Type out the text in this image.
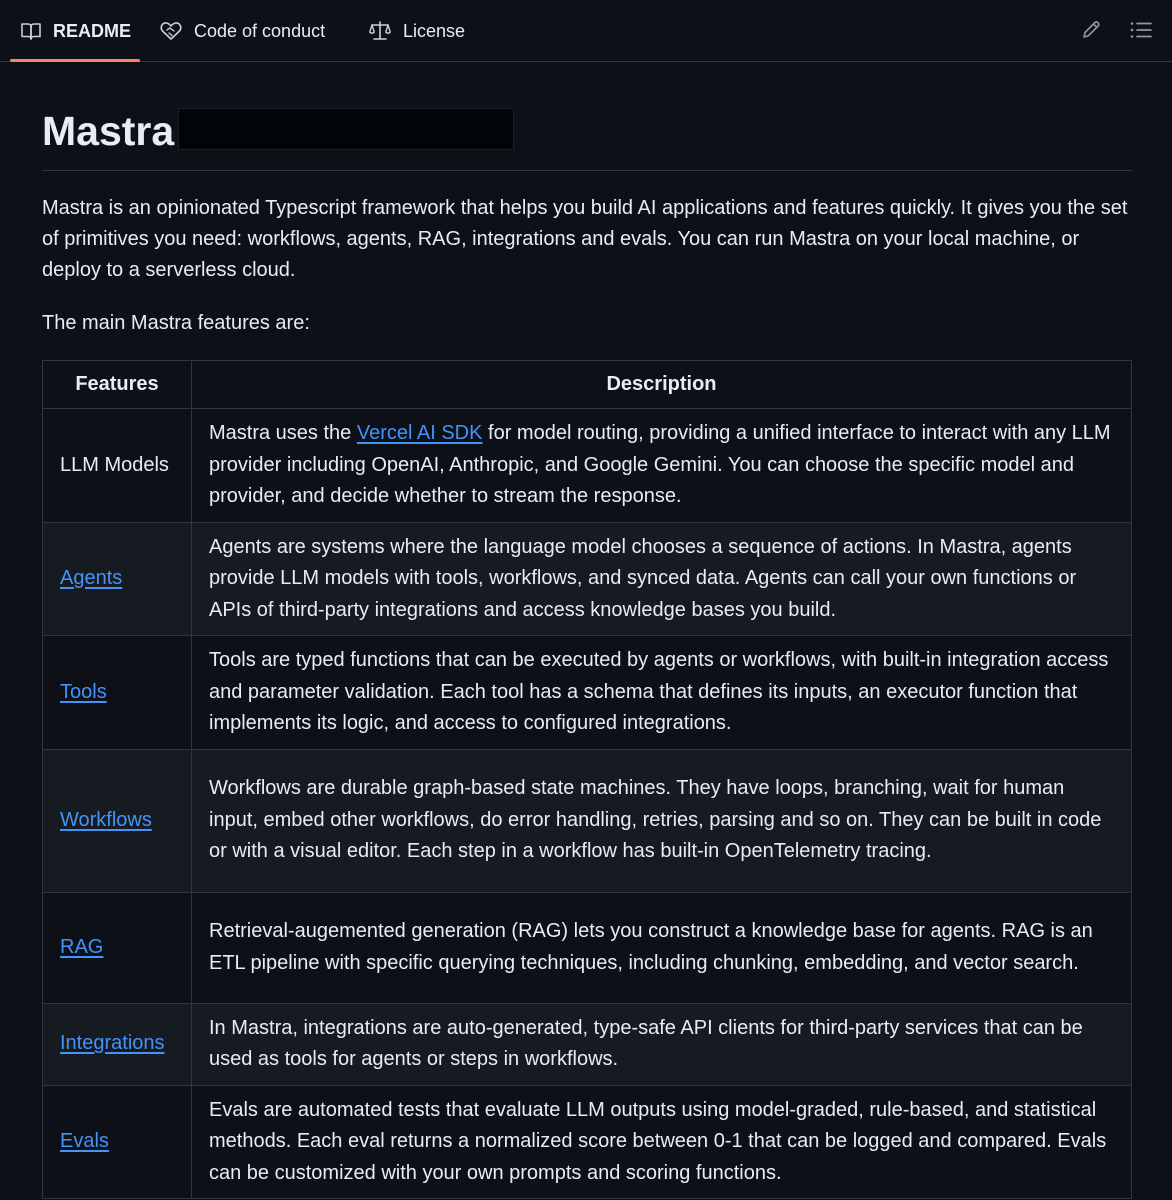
README	Code of conduct	License
Mastra

Mastra is an opinionated Typescript framework that helps you build AI applications and features quickly. It gives you the set of primitives you need: workflows, agents, RAG, integrations and evals. You can run Mastra on your local machine, or deploy to a serverless cloud.

The main Mastra features are:

Features	Description
LLM Models	Mastra uses the Vercel AI SDK for model routing, providing a unified interface to interact with any LLM provider including OpenAI, Anthropic, and Google Gemini. You can choose the specific model and provider, and decide whether to stream the response.
Agents	Agents are systems where the language model chooses a sequence of actions. In Mastra, agents provide LLM models with tools, workflows, and synced data. Agents can call your own functions or APIs of third-party integrations and access knowledge bases you build.
Tools	Tools are typed functions that can be executed by agents or workflows, with built-in integration access and parameter validation. Each tool has a schema that defines its inputs, an executor function that implements its logic, and access to configured integrations.
Workflows	Workflows are durable graph-based state machines. They have loops, branching, wait for human input, embed other workflows, do error handling, retries, parsing and so on. They can be built in code or with a visual editor. Each step in a workflow has built-in OpenTelemetry tracing.
RAG	Retrieval-augemented generation (RAG) lets you construct a knowledge base for agents. RAG is an ETL pipeline with specific querying techniques, including chunking, embedding, and vector search.
Integrations	In Mastra, integrations are auto-generated, type-safe API clients for third-party services that can be used as tools for agents or steps in workflows.
Evals	Evals are automated tests that evaluate LLM outputs using model-graded, rule-based, and statistical methods. Each eval returns a normalized score between 0-1 that can be logged and compared. Evals can be customized with your own prompts and scoring functions.
